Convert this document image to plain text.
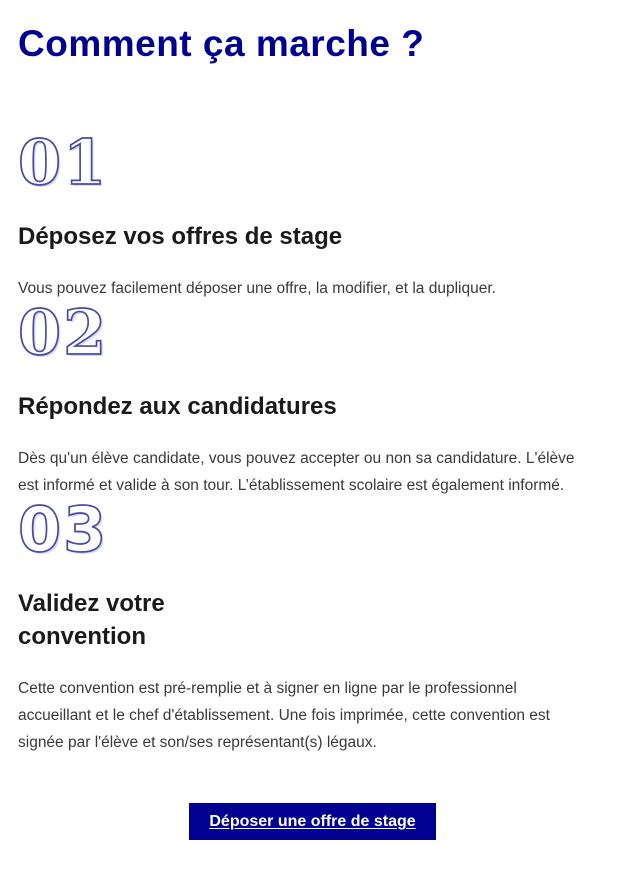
Comment ça marche ?
01
Déposez vos offres de stage

Vous pouvez facilement déposer une offre, la modifier, et la dupliquer.

02
Répondez aux candidatures

Dès qu'un élève candidate, vous pouvez accepter ou non sa candidature. L'élève est informé et valide à son tour. L’établissement scolaire est également informé.

03
Validez votre convention

Cette convention est pré-remplie et à signer en ligne par le professionnel accueillant et le chef d'établissement. Une fois imprimée, cette convention est signée par l'élève et son/ses représentant(s) légaux.

Déposer une offre de stage
